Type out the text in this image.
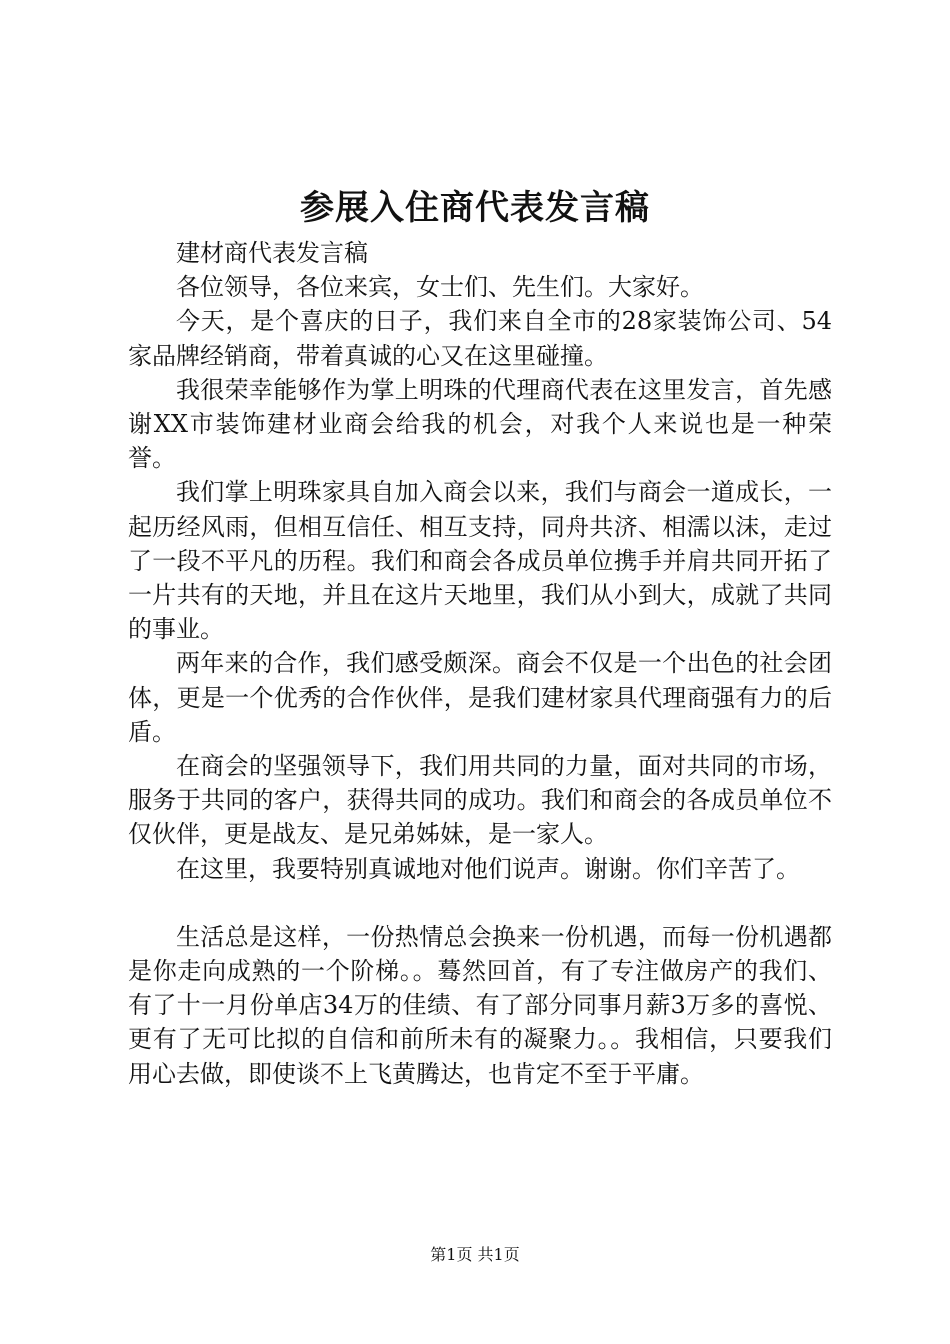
参展入住商代表发言稿

建材商代表发言稿

各位领导，各位来宾，女士们、先生们。大家好。

今天，是个喜庆的日子，我们来自全市的28家装饰公司、54家品牌经销商，带着真诚的心又在这里碰撞。

我很荣幸能够作为掌上明珠的代理商代表在这里发言，首先感谢XX市装饰建材业商会给我的机会，对我个人来说也是一种荣誉。

我们掌上明珠家具自加入商会以来，我们与商会一道成长，一起历经风雨，但相互信任、相互支持，同舟共济、相濡以沫，走过了一段不平凡的历程。我们和商会各成员单位携手并肩共同开拓了一片共有的天地，并且在这片天地里，我们从小到大，成就了共同的事业。

两年来的合作，我们感受颇深。商会不仅是一个出色的社会团体，更是一个优秀的合作伙伴，是我们建材家具代理商强有力的后盾。

在商会的坚强领导下，我们用共同的力量，面对共同的市场，服务于共同的客户，获得共同的成功。我们和商会的各成员单位不仅伙伴，更是战友、是兄弟姊妹，是一家人。

在这里，我要特别真诚地对他们说声。谢谢。你们辛苦了。

生活总是这样，一份热情总会换来一份机遇，而每一份机遇都是你走向成熟的一个阶梯。。蓦然回首，有了专注做房产的我们、有了十一月份单店34万的佳绩、有了部分同事月薪3万多的喜悦、更有了无可比拟的自信和前所未有的凝聚力。。我相信，只要我们用心去做，即使谈不上飞黄腾达，也肯定不至于平庸。

第1页 共1页
